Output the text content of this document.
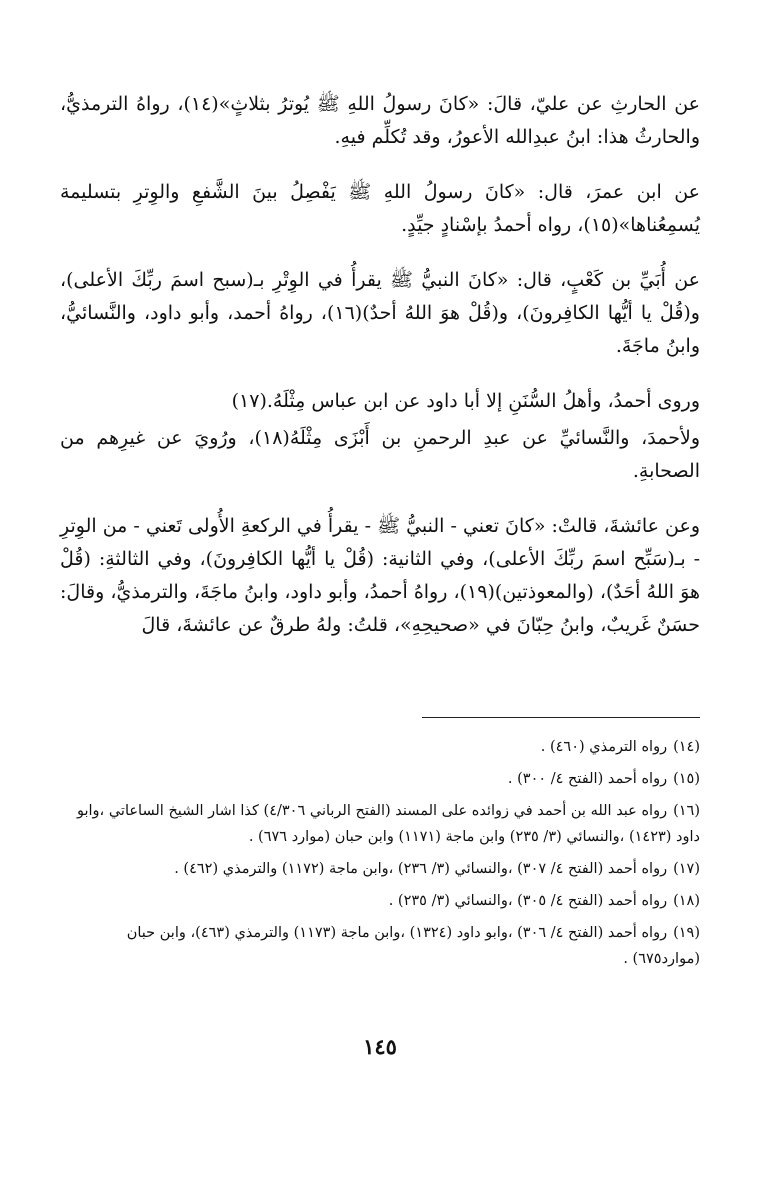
عن الحارثِ عن عليّ، قالَ: «كانَ رسولُ اللهِ ﷺ يُوترُ بثلاثٍ»(١٤)، رواهُ الترمذيُّ، والحارثُ هذا: ابنُ عبدِالله الأعورُ، وقد تُكلِّم فيهِ.

عن ابن عمرَ، قال: «كانَ رسولُ اللهِ ﷺ يَفْصِلُ بينَ الشَّفعِ والوِترِ بتسليمة يُسمِعُناها»(١٥)، رواه أحمدُ بإسْنادٍ جيِّدٍ.

عن أُبَيِّ بن كَعْبٍ، قال: «كانَ النبيُّ ﷺ يقرأُ في الوِتْرِ بـ(سبح اسمَ ربِّكَ الأعلى)، و(قُلْ يا أيُّها الكافِرونَ)، و(قُلْ هوَ اللهُ أحدٌ)(١٦)، رواهُ أحمد، وأبو داود، والنَّسائيُّ، وابنُ ماجَةَ.

وروى أحمدُ، وأهلُ السُّنَنِ إلا أبا داود عن ابن عباس مِثْلَهُ.(١٧)

ولأحمدَ، والنَّسائيِّ عن عبدِ الرحمنِ بن أَبْزَى مِثْلَهُ(١٨)، ورُويَ عن غيرِهم من الصحابةِ.

وعن عائشةَ، قالتْ: «كانَ تعني - النبيُّ ﷺ - يقرأُ في الركعةِ الأُولى تَعني - من الوِترِ - بـ(سَبِّح اسمَ ربِّكَ الأعلى)، وفي الثانية: (قُلْ يا أيُّها الكافِرونَ)، وفي الثالثةِ: (قُلْ هوَ اللهُ أحَدٌ)، (والمعوذتين)(١٩)، رواهُ أحمدُ، وأبو داود، وابنُ ماجَةَ، والترمذيُّ، وقالَ: حسَنٌ غَريبٌ، وابنُ حِبّانَ في «صحيحِهِ»، قلتُ: ولهُ طرقٌ عن عائشةَ، قالَ

(١٤)رواه الترمذي (٤٦٠) .

(١٥)رواه أحمد (الفتح ٤/ ٣٠٠) .

(١٦)رواه عبد الله بن أحمد في زوائده على المسند (الفتح الرباني ٤/٣٠٦) كذا اشار الشيخ الساعاتي ،وابو داود (١٤٢٣) ،والنسائي (٣/ ٢٣٥) وابن ماجة (١١٧١) وابن حبان (موارد ٦٧٦) .

(١٧)رواه أحمد (الفتح ٤/ ٣٠٧) ،والنسائي (٣/ ٢٣٦) ،وابن ماجة (١١٧٢) والترمذي (٤٦٢) .

(١٨)رواه أحمد (الفتح ٤/ ٣٠٥) ،والنسائي (٣/ ٢٣٥) .

(١٩)رواه أحمد (الفتح ٤/ ٣٠٦) ،وابو داود (١٣٢٤) ،وابن ماجة (١١٧٣) والترمذي (٤٦٣)، وابن حبان (موارد٦٧٥) .

١٤٥
